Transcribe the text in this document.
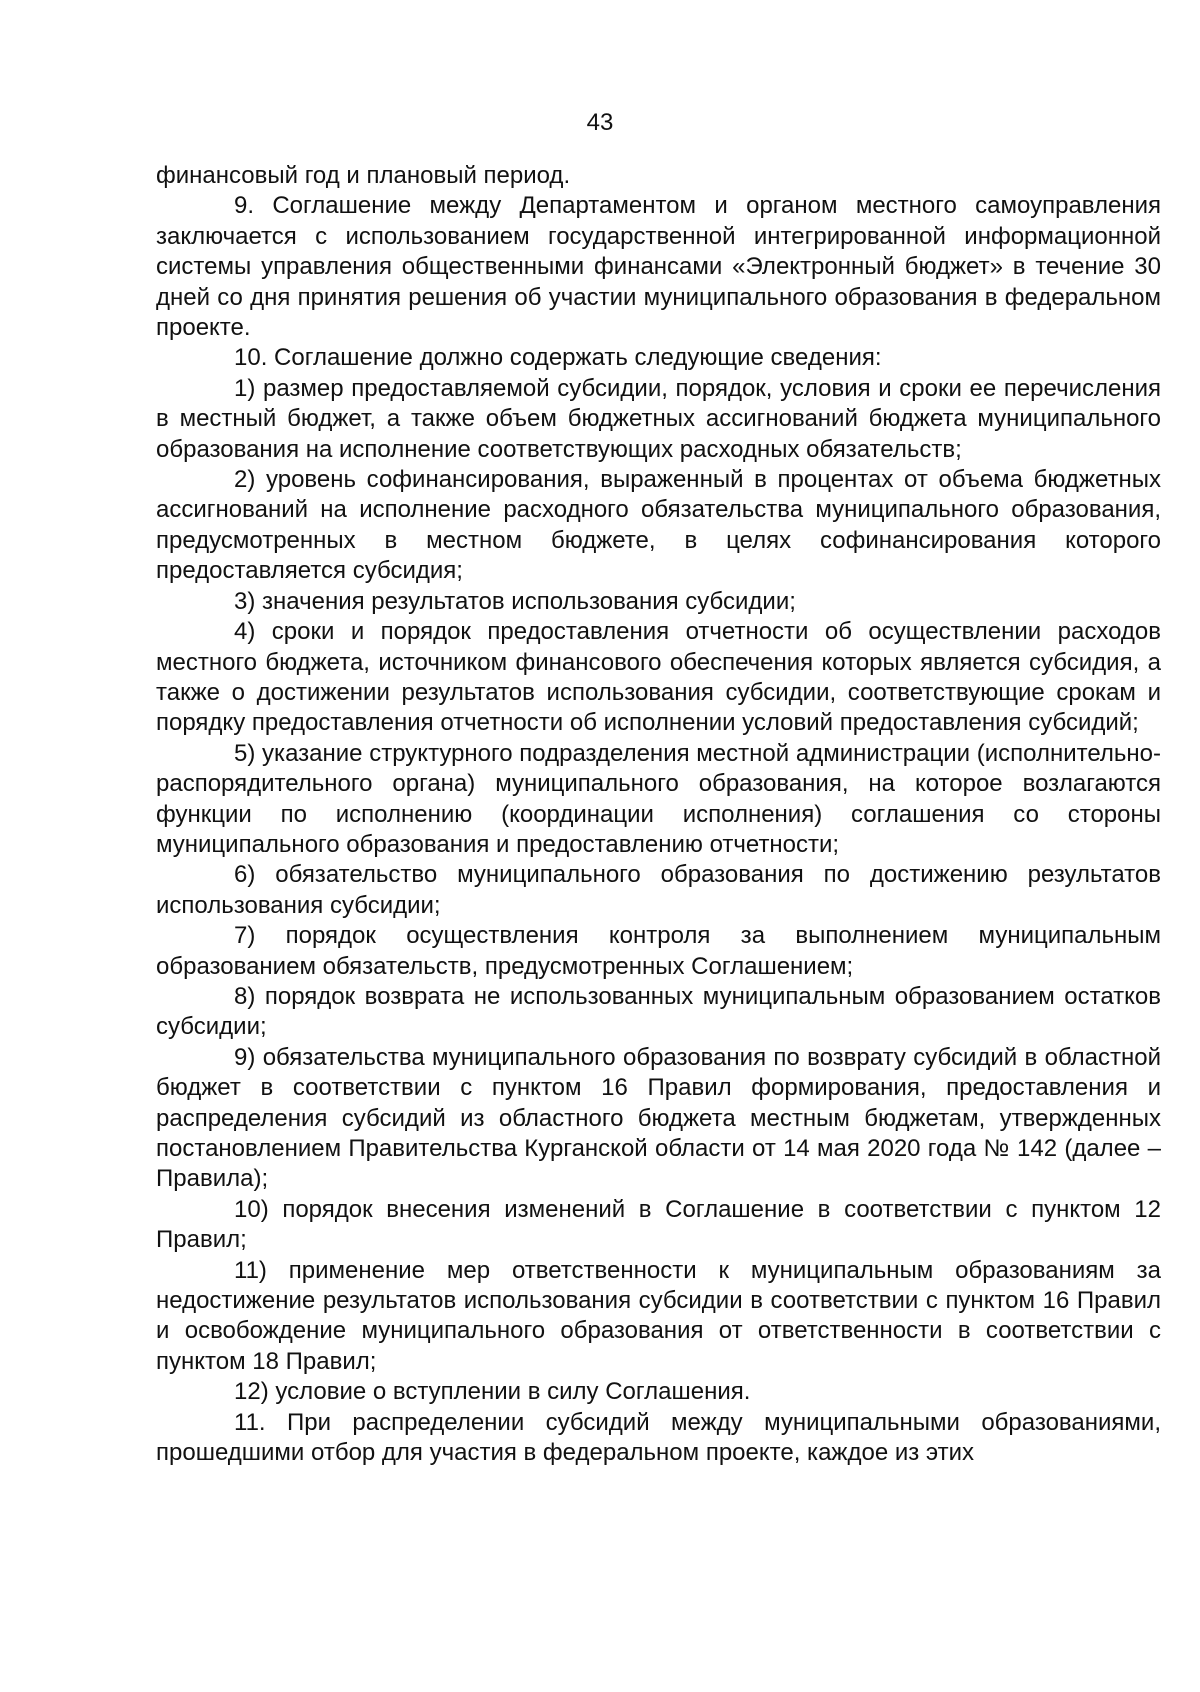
43

финансовый год и плановый период.

9. Соглашение между Департаментом и органом местного самоуправления заключается с использованием государственной интегрированной информационной системы управления общественными финансами «Электронный бюджет» в течение 30 дней со дня принятия решения об участии муниципального образования в федеральном проекте.

10. Соглашение должно содержать следующие сведения:

1) размер предоставляемой субсидии, порядок, условия и сроки ее перечисления в местный бюджет, а также объем бюджетных ассигнований бюджета муниципального образования на исполнение соответствующих расходных обязательств;

2) уровень софинансирования, выраженный в процентах от объема бюджетных ассигнований на исполнение расходного обязательства муниципального образования, предусмотренных в местном бюджете, в целях софинансирования которого предоставляется субсидия;

3) значения результатов использования субсидии;

4) сроки и порядок предоставления отчетности об осуществлении расходов местного бюджета, источником финансового обеспечения которых является субсидия, а также о достижении результатов использования субсидии, соответствующие срокам и порядку предоставления отчетности об исполнении условий предоставления субсидий;

5) указание структурного подразделения местной администрации (исполнительно-распорядительного органа) муниципального образования, на которое возлагаются функции по исполнению (координации исполнения) соглашения со стороны муниципального образования и предоставлению отчетности;

6) обязательство муниципального образования по достижению результатов использования субсидии;

7) порядок осуществления контроля за выполнением муниципальным образованием обязательств, предусмотренных Соглашением;

8) порядок возврата не использованных муниципальным образованием остатков субсидии;

9) обязательства муниципального образования по возврату субсидий в областной бюджет в соответствии с пунктом 16 Правил формирования, предоставления и распределения субсидий из областного бюджета местным бюджетам, утвержденных постановлением Правительства Курганской области от 14 мая 2020 года № 142 (далее – Правила);

10) порядок внесения изменений в Соглашение в соответствии с пунктом 12 Правил;

11) применение мер ответственности к муниципальным образованиям за недостижение результатов использования субсидии в соответствии с пунктом 16 Правил и освобождение муниципального образования от ответственности в соответствии с пунктом 18 Правил;

12) условие о вступлении в силу Соглашения.

11. При распределении субсидий между муниципальными образованиями, прошедшими отбор для участия в федеральном проекте, каждое из этих
